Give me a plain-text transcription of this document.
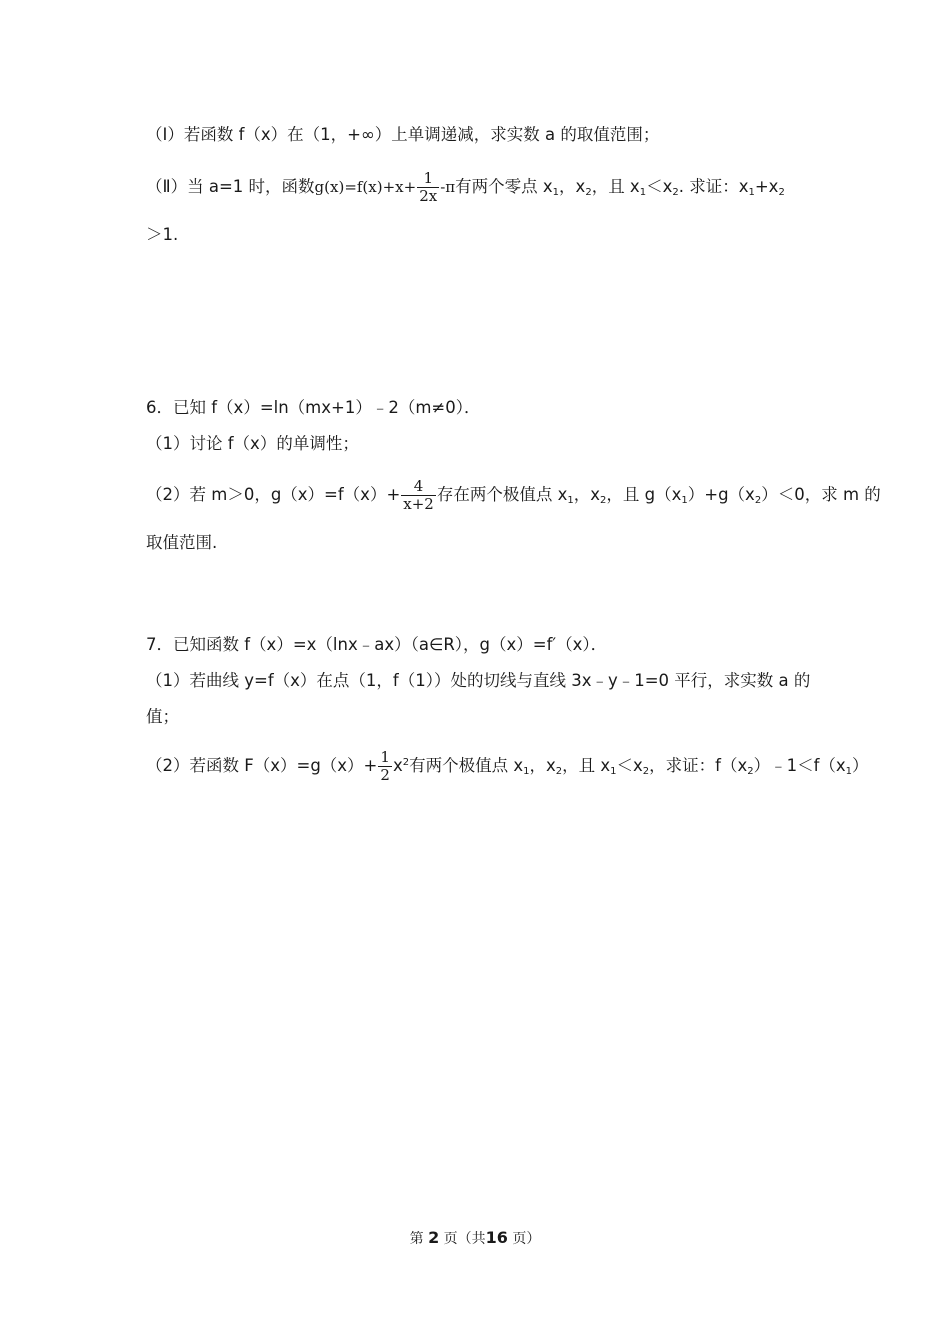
（Ⅰ）若函数 f（x）在（1，+∞）上单调递减，求实数 a 的取值范围；
（Ⅱ）当 a=1 时，函数$g(x)=f(x)+x+ \frac{1}{2x} -\pi$有两个零点 $x_1$，$x_2$，且 $x_1<x_2$. 求证：$x_1+x_2$
＞1.
6．已知 f（x）=ln（mx+1）﹣2（m≠0）．
（1）讨论 f（x）的单调性；
（2）若 m＞0，$g(x)=f(x)+ \frac{4}{x+2}$ 存在两个极值点 $x_1$，$x_2$，且 $g(x_1)+g(x_2)<0$，求 m 的
取值范围.
7．已知函数 f（x）=x（lnx﹣ax）（a∈R），g（x）=f′（x）．
（1）若曲线 y=f（x）在点（1，f（1））处的切线与直线 3x﹣y﹣1=0 平行，求实数 a 的
值；
（2）若函数 $F(x)=g(x)+ \frac{1}{2} x^2$有两个极值点 $x_1$，$x_2$，且 $x_1<x_2$，求证：$f(x_2)﹣1<f(x_1)$
第 2 页（共16 页）
